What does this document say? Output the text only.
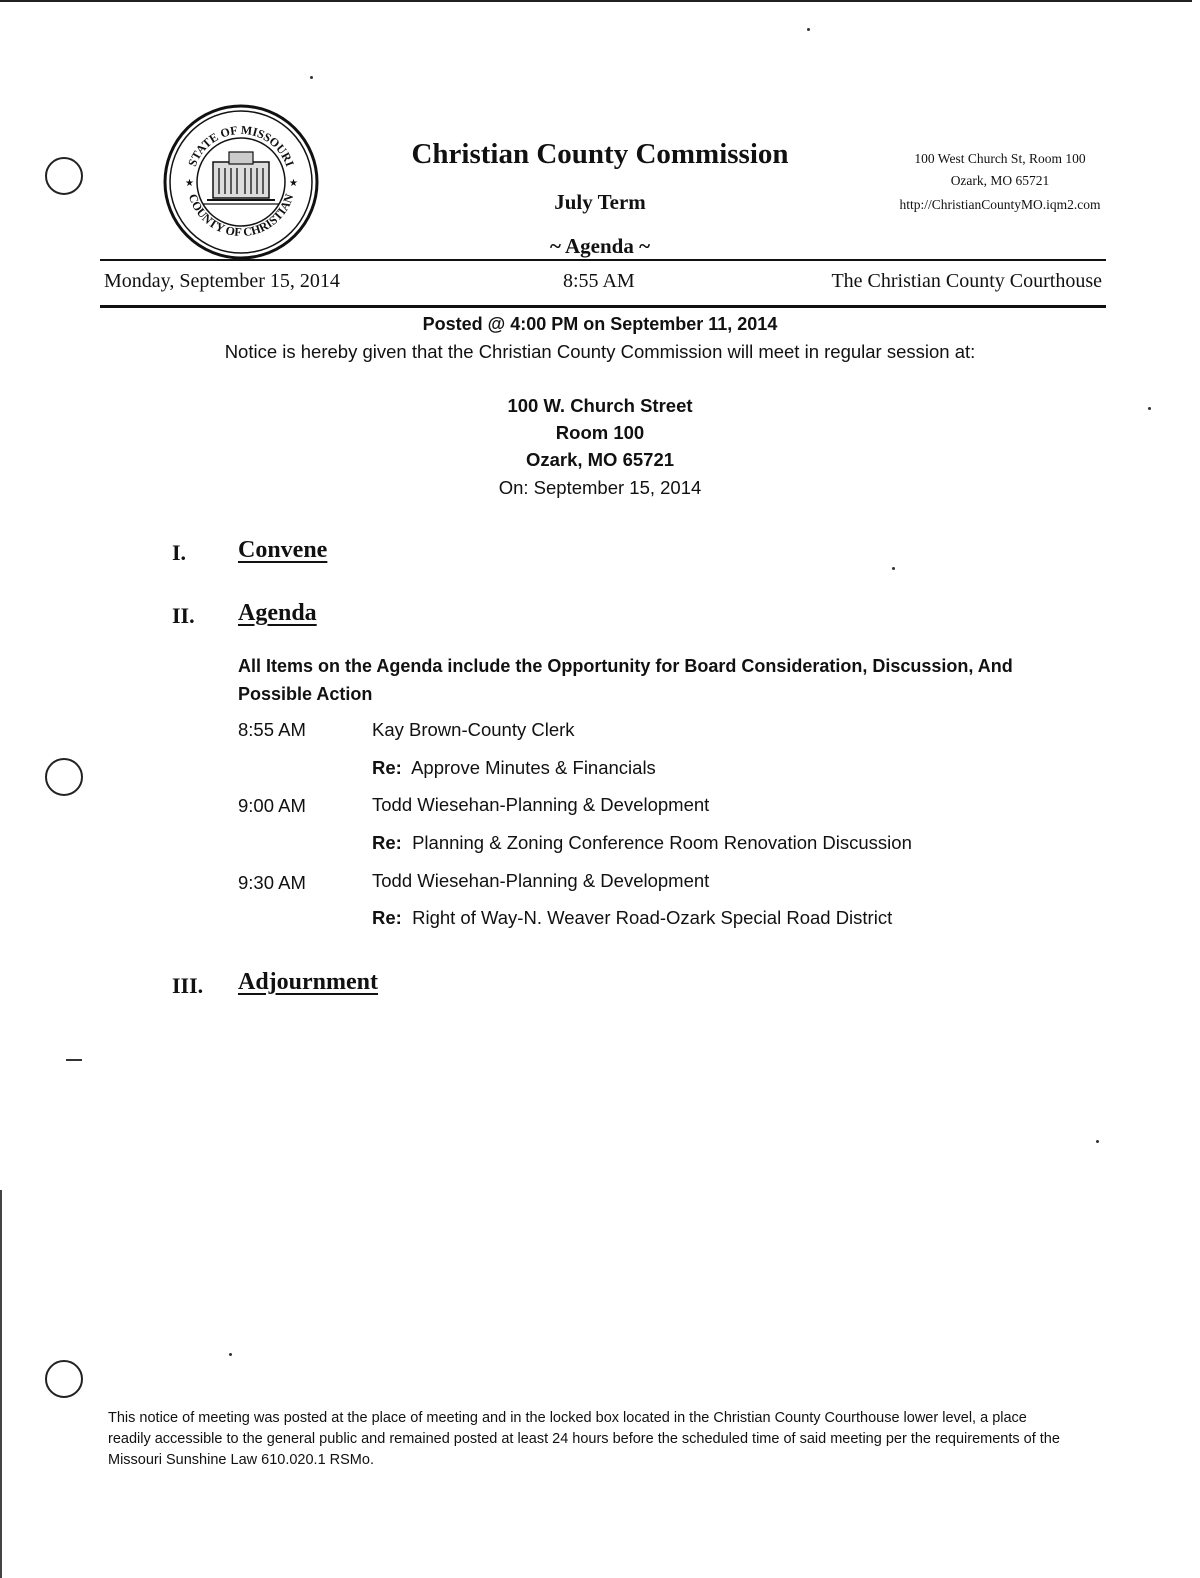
STATE OF MISSOURI
COUNTY OF CHRISTIAN
★	★
Christian County Commission
July Term
~ Agenda ~
100 West Church St, Room 100
Ozark, MO 65721
http://ChristianCountyMO.iqm2.com
Monday, September 15, 2014	8:55 AM	The Christian County Courthouse
Posted @ 4:00 PM on September 11, 2014
Notice is hereby given that the Christian County Commission will meet in regular session at:
100 W. Church Street
Room 100
Ozark, MO 65721
On: September 15, 2014
I. Convene
II. Agenda
All Items on the Agenda include the Opportunity for Board Consideration, Discussion, And Possible Action
8:55 AM	Kay Brown-County Clerk
Re: Approve Minutes & Financials
9:00 AM	Todd Wiesehan-Planning & Development
Re: Planning & Zoning Conference Room Renovation Discussion
9:30 AM	Todd Wiesehan-Planning & Development
Re: Right of Way-N. Weaver Road-Ozark Special Road District
III. Adjournment
This notice of meeting was posted at the place of meeting and in the locked box located in the Christian County Courthouse lower level, a place readily accessible to the general public and remained posted at least 24 hours before the scheduled time of said meeting per the requirements of the Missouri Sunshine Law 610.020.1 RSMo.
